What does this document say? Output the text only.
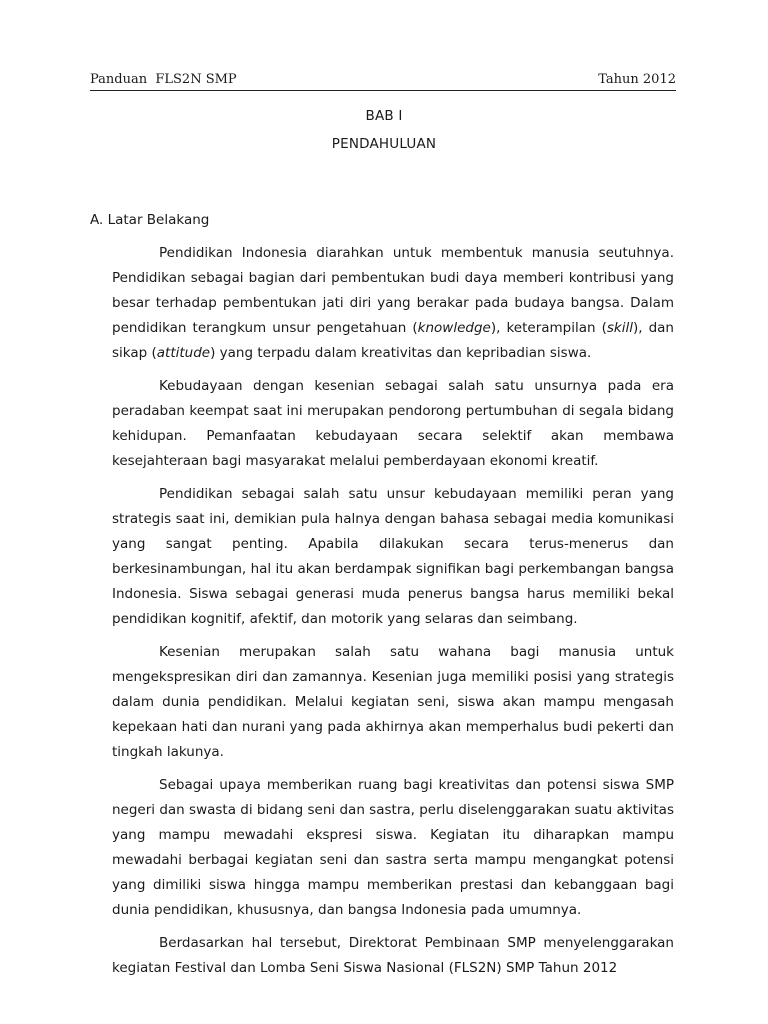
Panduan  FLS2N SMP	Tahun 2012
BAB I
PENDAHULUAN
A. Latar Belakang

Pendidikan Indonesia diarahkan untuk membentuk manusia seutuhnya. Pendidikan sebagai bagian dari pembentukan budi daya memberi kontribusi yang besar terhadap pembentukan jati diri yang berakar pada budaya bangsa. Dalam pendidikan terangkum unsur pengetahuan (knowledge), keterampilan (skill), dan sikap (attitude) yang terpadu dalam kreativitas dan kepribadian siswa.

Kebudayaan dengan kesenian sebagai salah satu unsurnya pada era peradaban keempat saat ini merupakan pendorong pertumbuhan di segala bidang kehidupan. Pemanfaatan kebudayaan secara selektif akan membawa kesejahteraan bagi masyarakat melalui pemberdayaan ekonomi kreatif.

Pendidikan sebagai salah satu unsur kebudayaan memiliki peran yang strategis saat ini, demikian pula halnya dengan bahasa sebagai media komunikasi yang sangat penting. Apabila dilakukan secara terus-menerus dan berkesinambungan, hal itu akan berdampak signifikan bagi perkembangan bangsa Indonesia. Siswa sebagai generasi muda penerus bangsa harus memiliki bekal pendidikan kognitif, afektif, dan motorik yang selaras dan seimbang.

Kesenian merupakan salah satu wahana bagi manusia untuk mengekspresikan diri dan zamannya. Kesenian juga memiliki posisi yang strategis dalam dunia pendidikan. Melalui kegiatan seni, siswa akan mampu mengasah kepekaan hati dan nurani yang pada akhirnya akan memperhalus budi pekerti dan tingkah lakunya.

Sebagai upaya memberikan ruang bagi kreativitas dan potensi siswa SMP negeri dan swasta di bidang seni dan sastra, perlu diselenggarakan suatu aktivitas yang mampu mewadahi ekspresi siswa. Kegiatan itu diharapkan mampu mewadahi berbagai kegiatan seni dan sastra serta mampu mengangkat potensi yang dimiliki siswa hingga mampu memberikan prestasi dan kebanggaan bagi dunia pendidikan, khususnya, dan bangsa Indonesia pada umumnya.

Berdasarkan hal tersebut, Direktorat Pembinaan SMP menyelenggarakan kegiatan Festival dan Lomba Seni Siswa Nasional (FLS2N) SMP Tahun 2012
